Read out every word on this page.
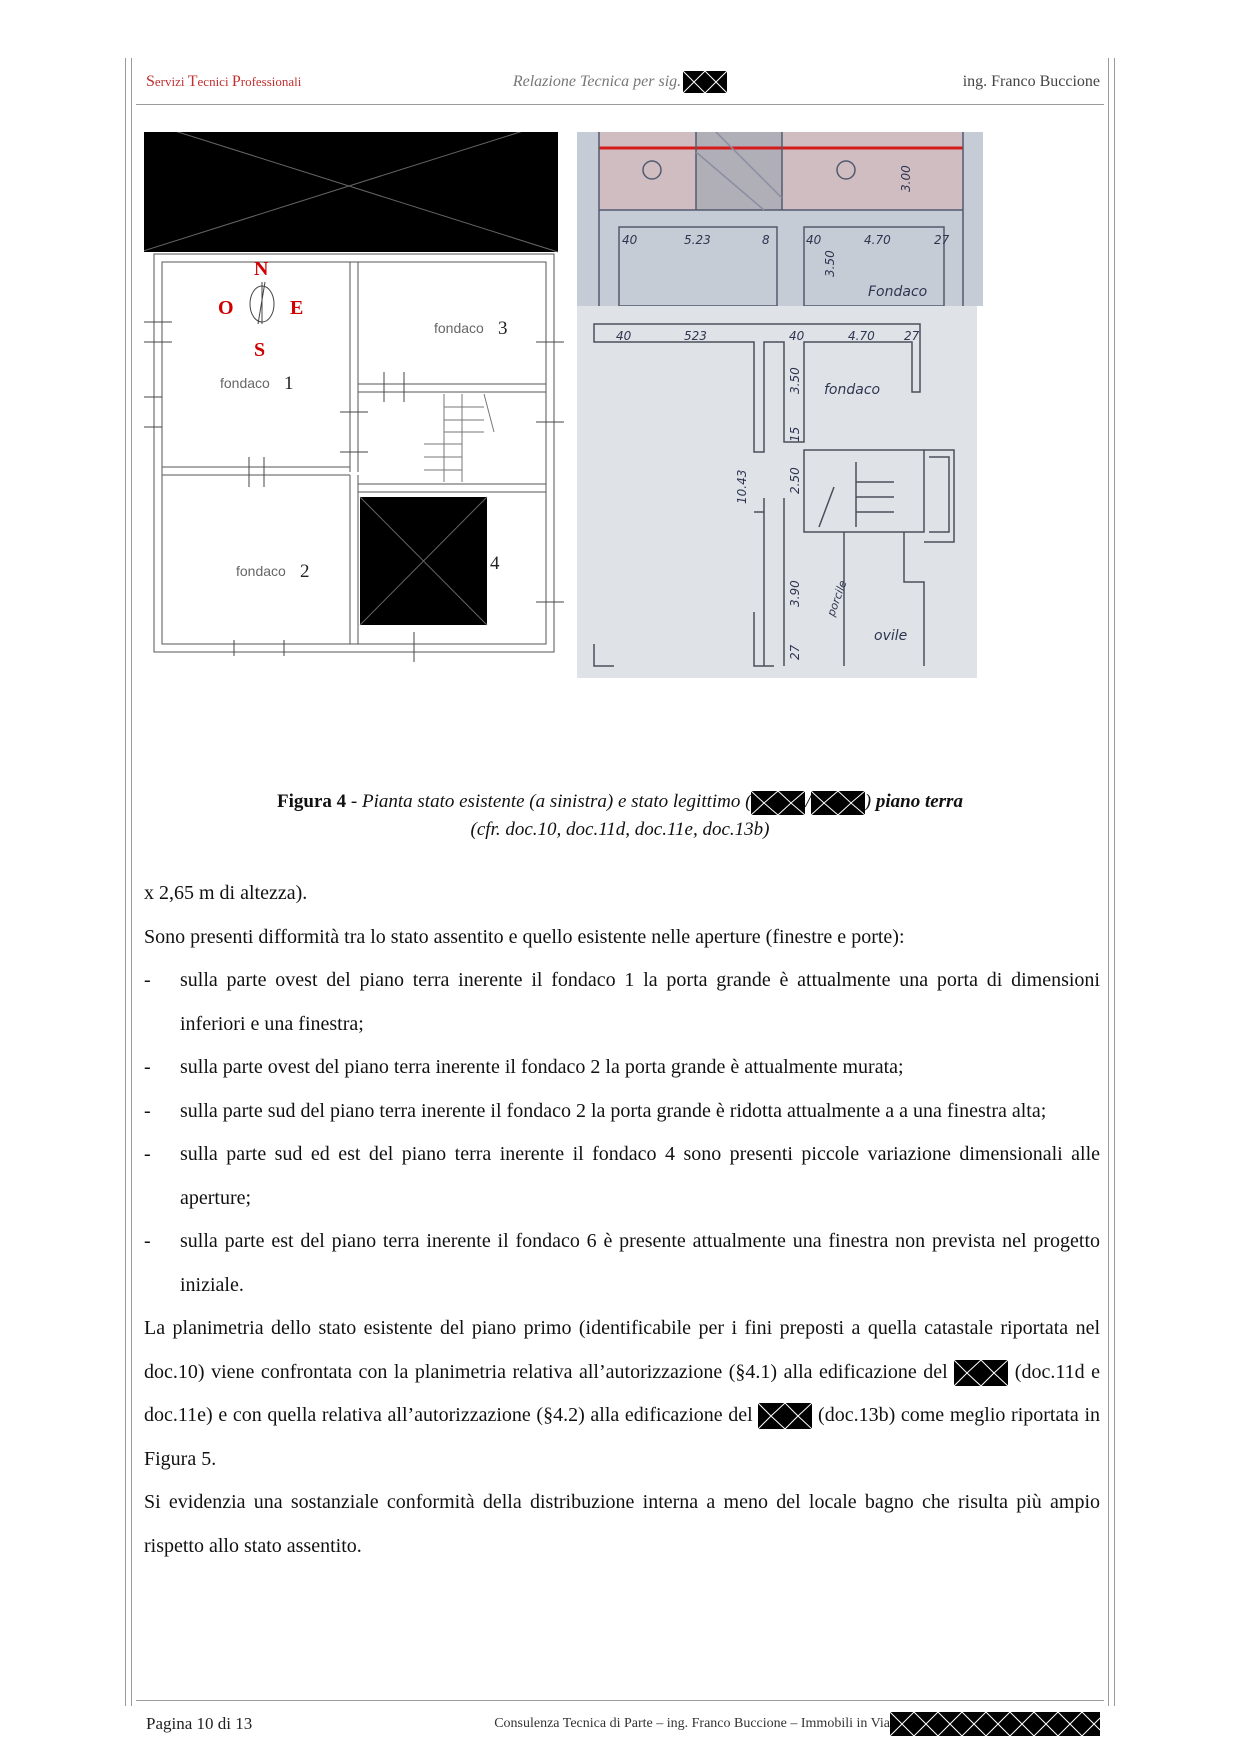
Servizi Tecnici Professionali	Relazione Tecnica per sig.	ing. Franco Buccione
N
O	E
S
fondaco 1
fondaco 2
fondaco 3
4
40	5.23	8	40	4.70	27
3.50
3.00
Fondaco
40	523	40	4.70 27
3.50
2.50
10.43
3.90
27
15
fondaco
ovile
porcile
Figura 4 - Pianta stato esistente (a sinistra) e stato legittimo (	/	) piano terra
(cfr. doc.10, doc.11d, doc.11e, doc.13b)

x 2,65 m di altezza).

Sono presenti difformità tra lo stato assentito e quello esistente nelle aperture (finestre e porte):

- sulla parte ovest del piano terra inerente il fondaco 1 la porta grande è attualmente una porta di dimensioni inferiori e una finestra;
- sulla parte ovest del piano terra inerente il fondaco 2 la porta grande è attualmente murata;
- sulla parte sud del piano terra inerente il fondaco 2 la porta grande è ridotta attualmente a a una finestra alta;
- sulla parte sud ed est del piano terra inerente il fondaco 4 sono presenti piccole variazione dimensionali alle aperture;
- sulla parte est del piano terra inerente il fondaco 6 è presente attualmente una finestra non prevista nel progetto iniziale.

La planimetria dello stato esistente del piano primo (identificabile per i fini preposti a quella catastale riportata nel doc.10) viene confrontata con la planimetria relativa all’autorizzazione (§4.1) alla edificazione del	(doc.11d e doc.11e) e con quella relativa all’autorizzazione (§4.2) alla edificazione del	(doc.13b) come meglio riportata in Figura 5.

Si evidenzia una sostanziale conformità della distribuzione interna a meno del locale bagno che risulta più ampio rispetto allo stato assentito.

Pagina 10 di 13	Consulenza Tecnica di Parte – ing. Franco Buccione – Immobili in Via
